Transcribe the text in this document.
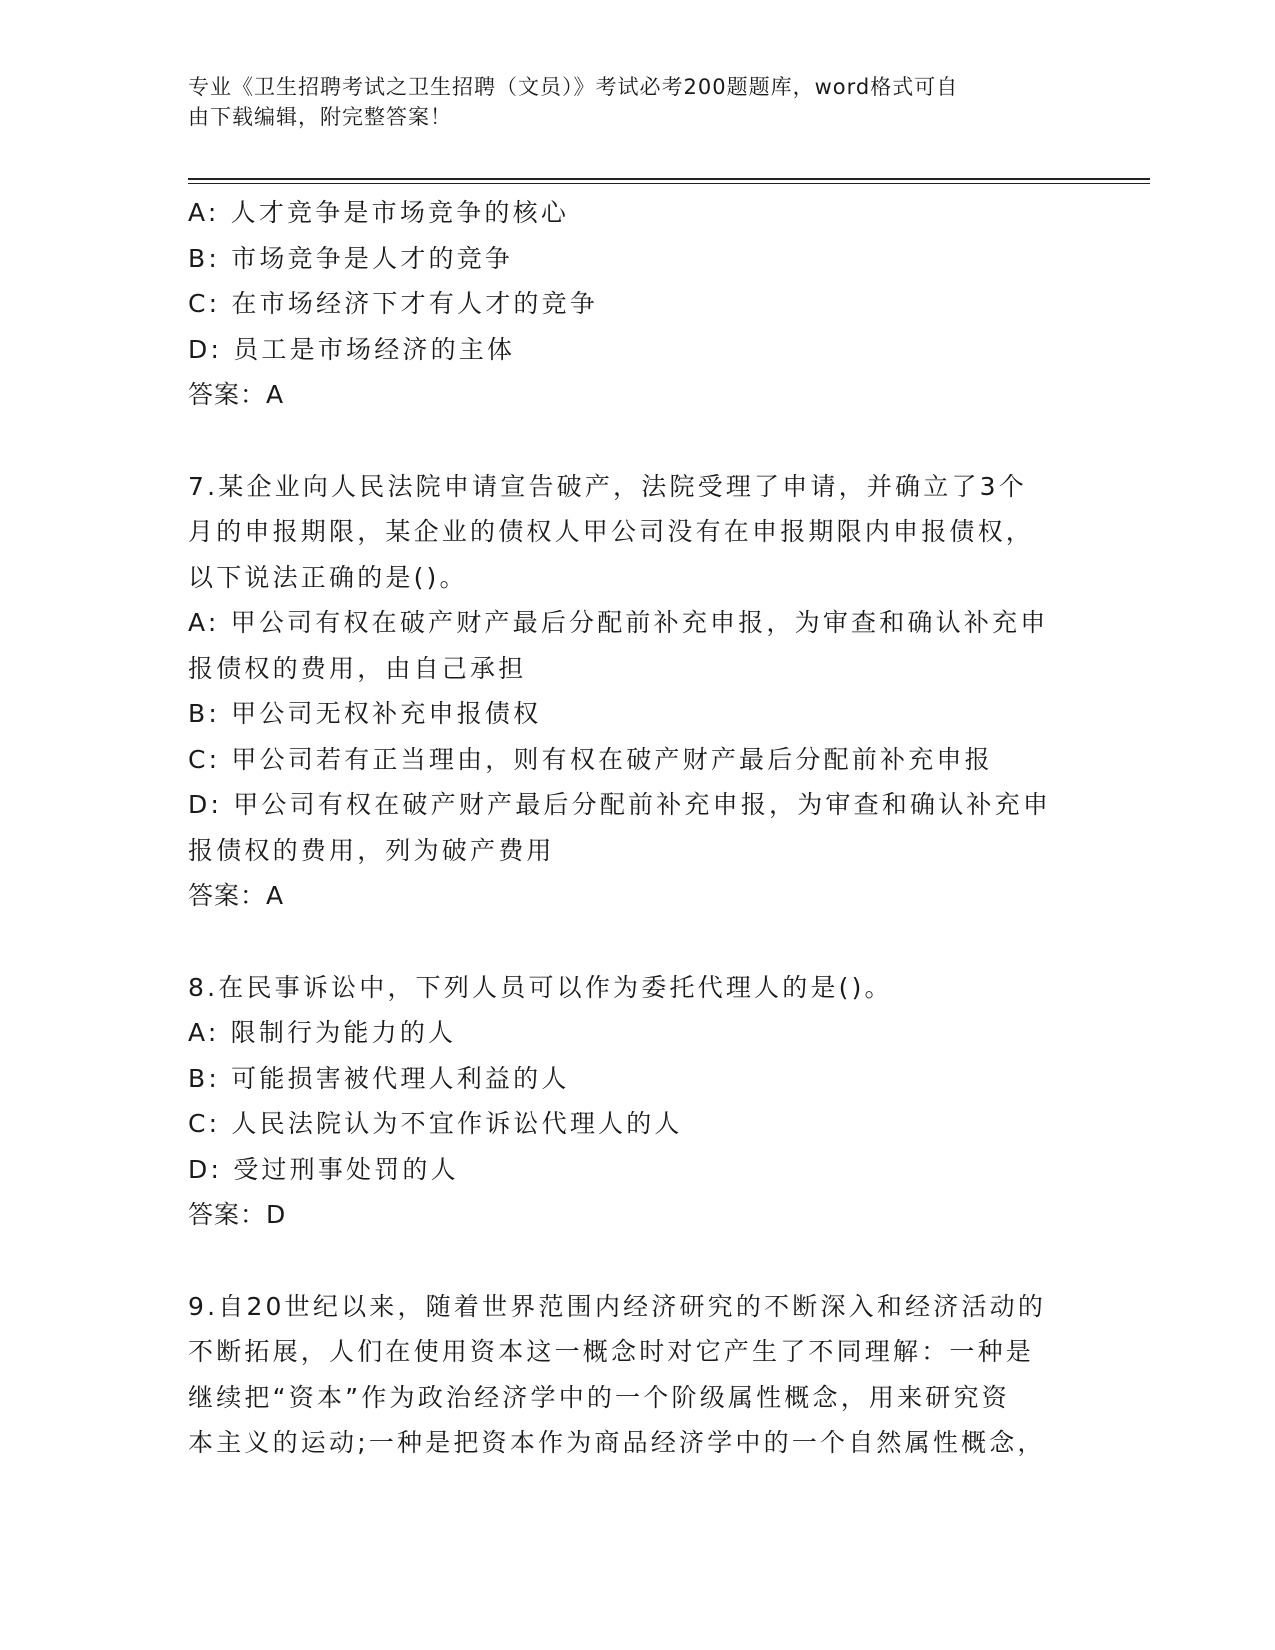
专业《卫生招聘考试之卫生招聘（文员）》考试必考200题题库，word格式可自
由下载编辑，附完整答案！
A: 人才竞争是市场竞争的核心
B: 市场竞争是人才的竞争
C: 在市场经济下才有人才的竞争
D: 员工是市场经济的主体
答案：A
7.某企业向人民法院申请宣告破产，法院受理了申请，并确立了3个
月的申报期限，某企业的债权人甲公司没有在申报期限内申报债权，
以下说法正确的是()。
A: 甲公司有权在破产财产最后分配前补充申报，为审查和确认补充申
报债权的费用，由自己承担
B: 甲公司无权补充申报债权
C: 甲公司若有正当理由，则有权在破产财产最后分配前补充申报
D: 甲公司有权在破产财产最后分配前补充申报，为审查和确认补充申
报债权的费用，列为破产费用
答案：A
8.在民事诉讼中，下列人员可以作为委托代理人的是()。
A: 限制行为能力的人
B: 可能损害被代理人利益的人
C: 人民法院认为不宜作诉讼代理人的人
D: 受过刑事处罚的人
答案：D
9.自20世纪以来，随着世界范围内经济研究的不断深入和经济活动的
不断拓展，人们在使用资本这一概念时对它产生了不同理解：一种是
继续把“资本”作为政治经济学中的一个阶级属性概念，用来研究资
本主义的运动;一种是把资本作为商品经济学中的一个自然属性概念，
